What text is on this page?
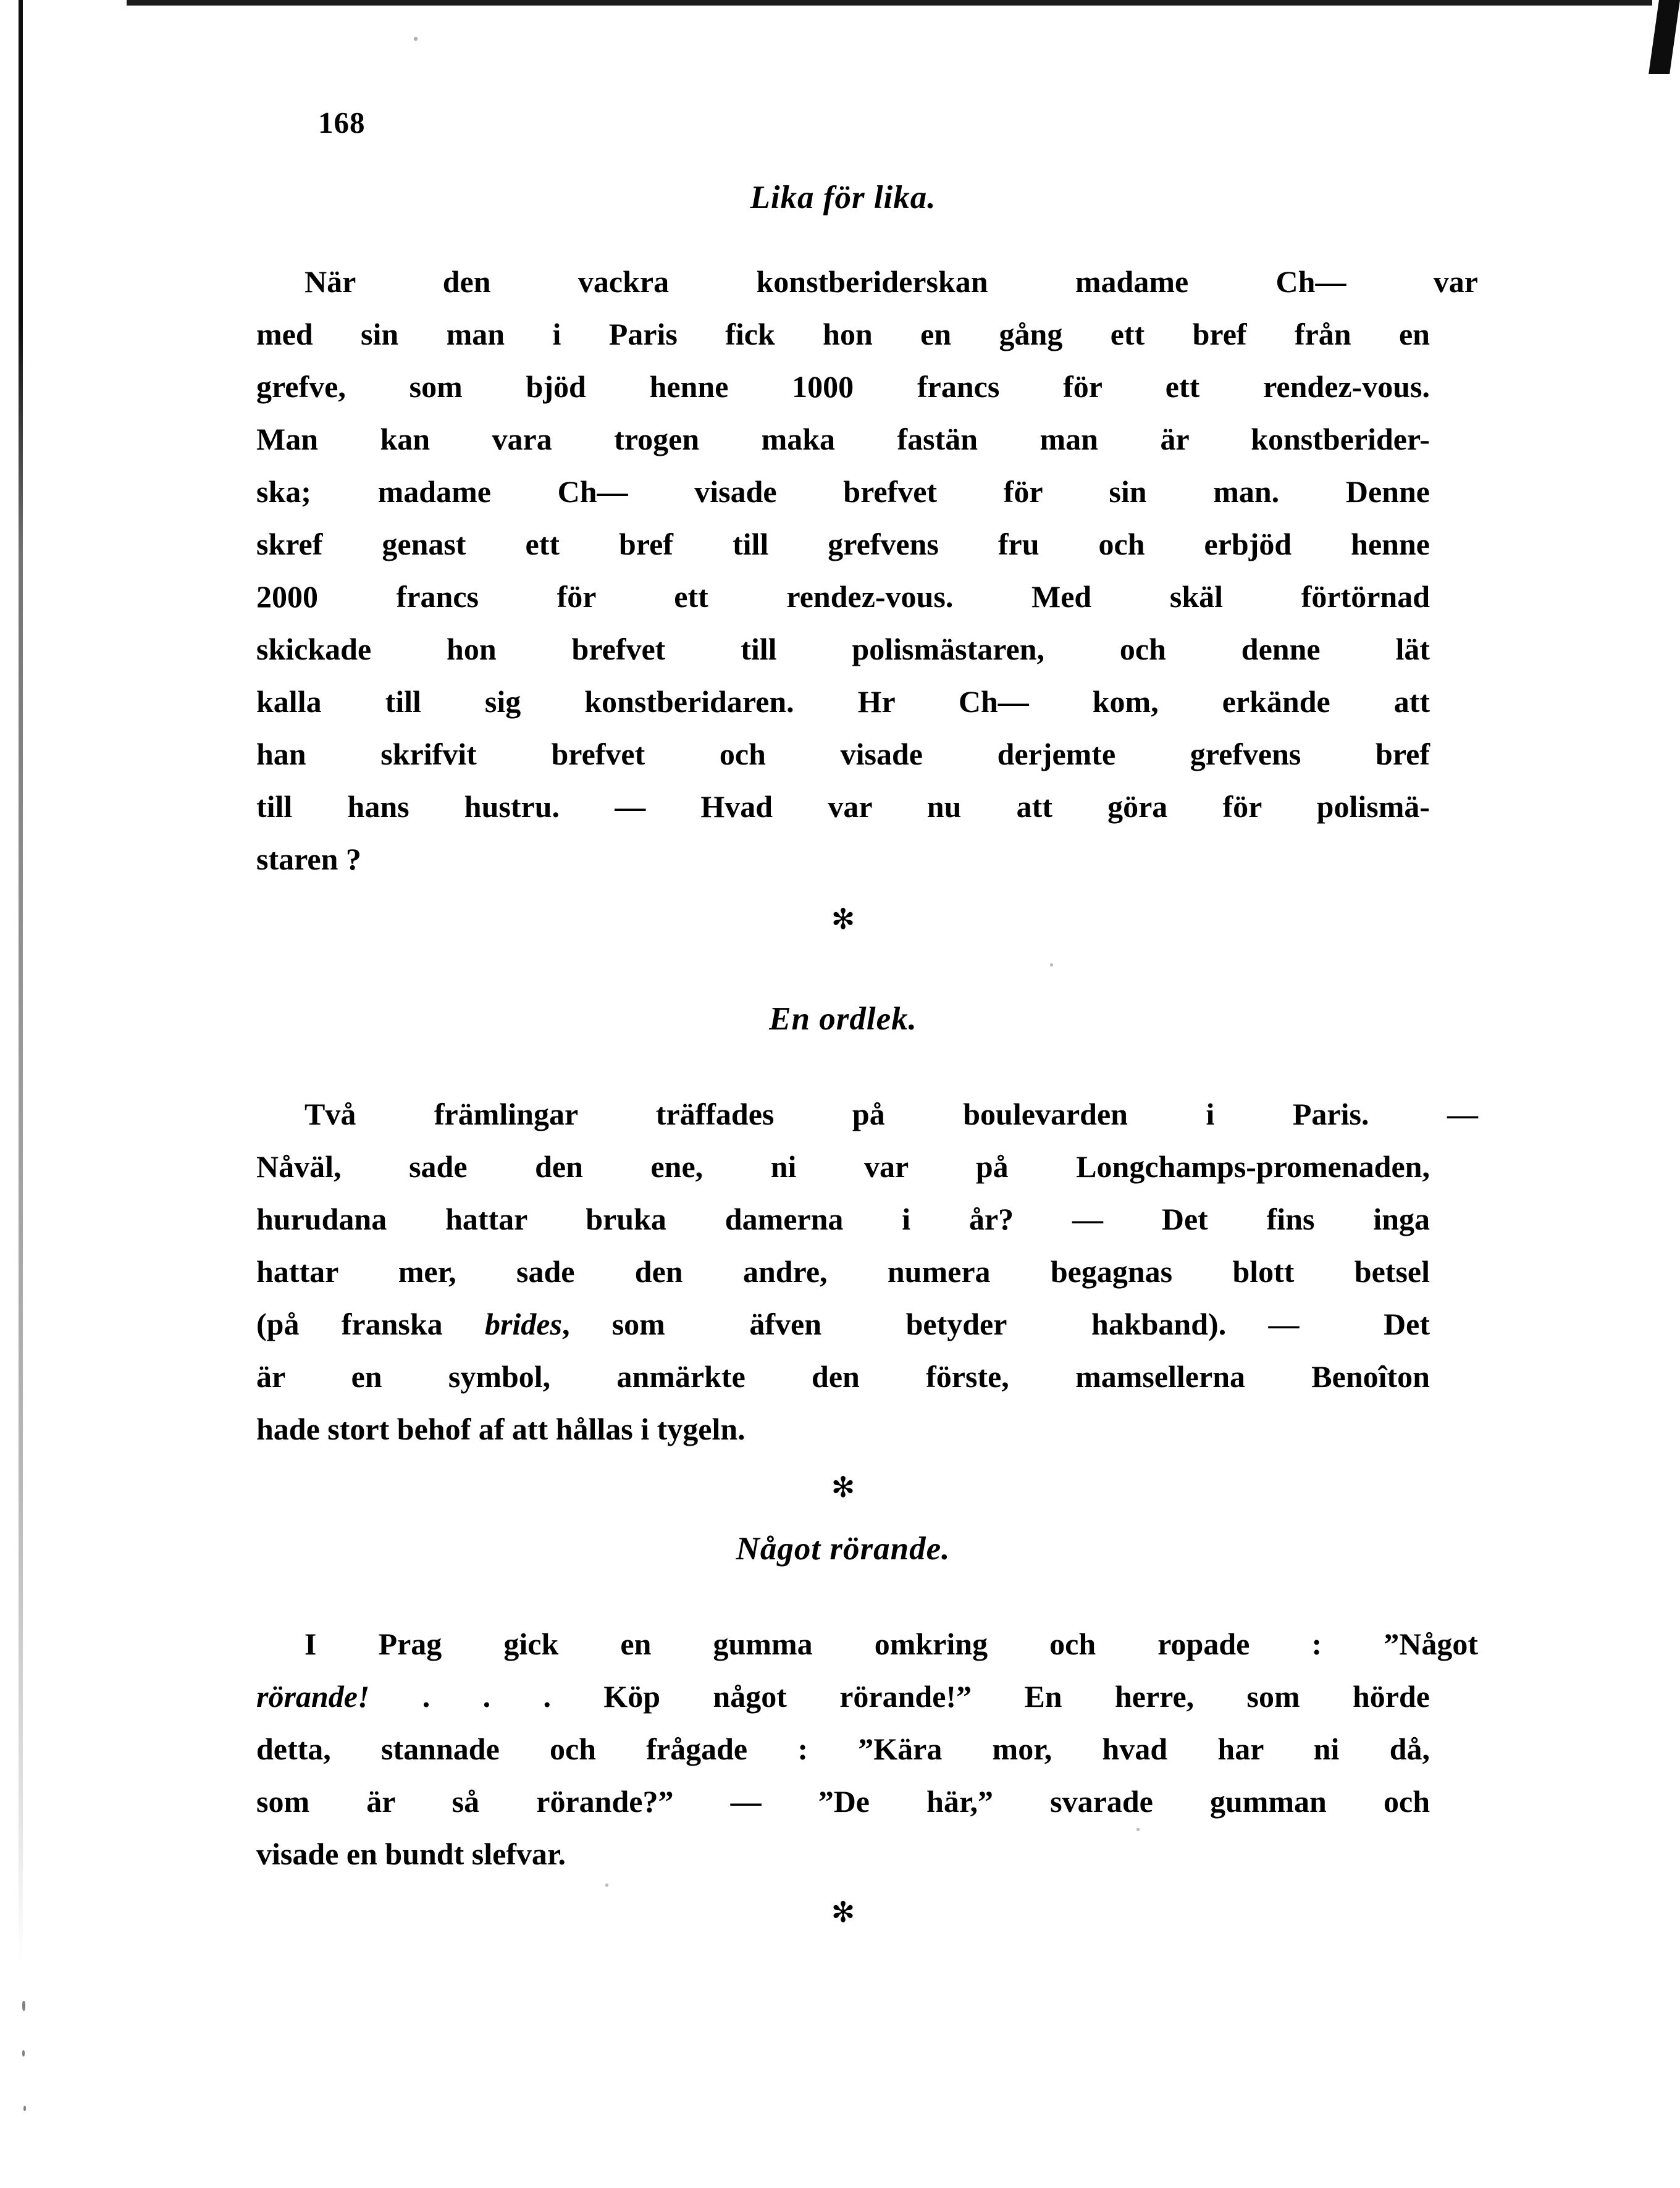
168
Lika för lika.
När den vackra konstberiderskan madame Ch— var
med sin man i Paris fick hon en gång ett bref från en
grefve, som bjöd henne 1000 francs för ett rendez-vous.
Man kan vara trogen maka fastän man är konstberider-
ska; madame Ch— visade brefvet för sin man. Denne
skref genast ett bref till grefvens fru och erbjöd henne
2000 francs för ett rendez-vous. Med skäl förtörnad
skickade hon brefvet till polismästaren, och denne lät
kalla till sig konstberidaren. Hr Ch— kom, erkände att
han skrifvit brefvet och visade derjemte grefvens bref
till hans hustru. — Hvad var nu att göra för polismä-
staren ?
✻
En ordlek.
Två främlingar träffades på boulevarden i Paris. —
Nåväl, sade den ene, ni var på Longchamps-promenaden,
hurudana hattar bruka damerna i år? — Det fins inga
hattar mer, sade den andre, numera begagnas blott betsel
(på franska brides, som  äfven  betyder  hakband). —  Det
är en symbol, anmärkte den förste, mamsellerna Benoîton
hade stort behof af att hållas i tygeln.
✻
Något rörande.
I Prag gick en gumma omkring och ropade : ”Något
rörande! . . . Köp något rörande!” En herre, som hörde
detta, stannade och frågade : ”Kära mor, hvad har ni då,
som är så rörande?” — ”De här,” svarade gumman och
visade en bundt slefvar.
✻
